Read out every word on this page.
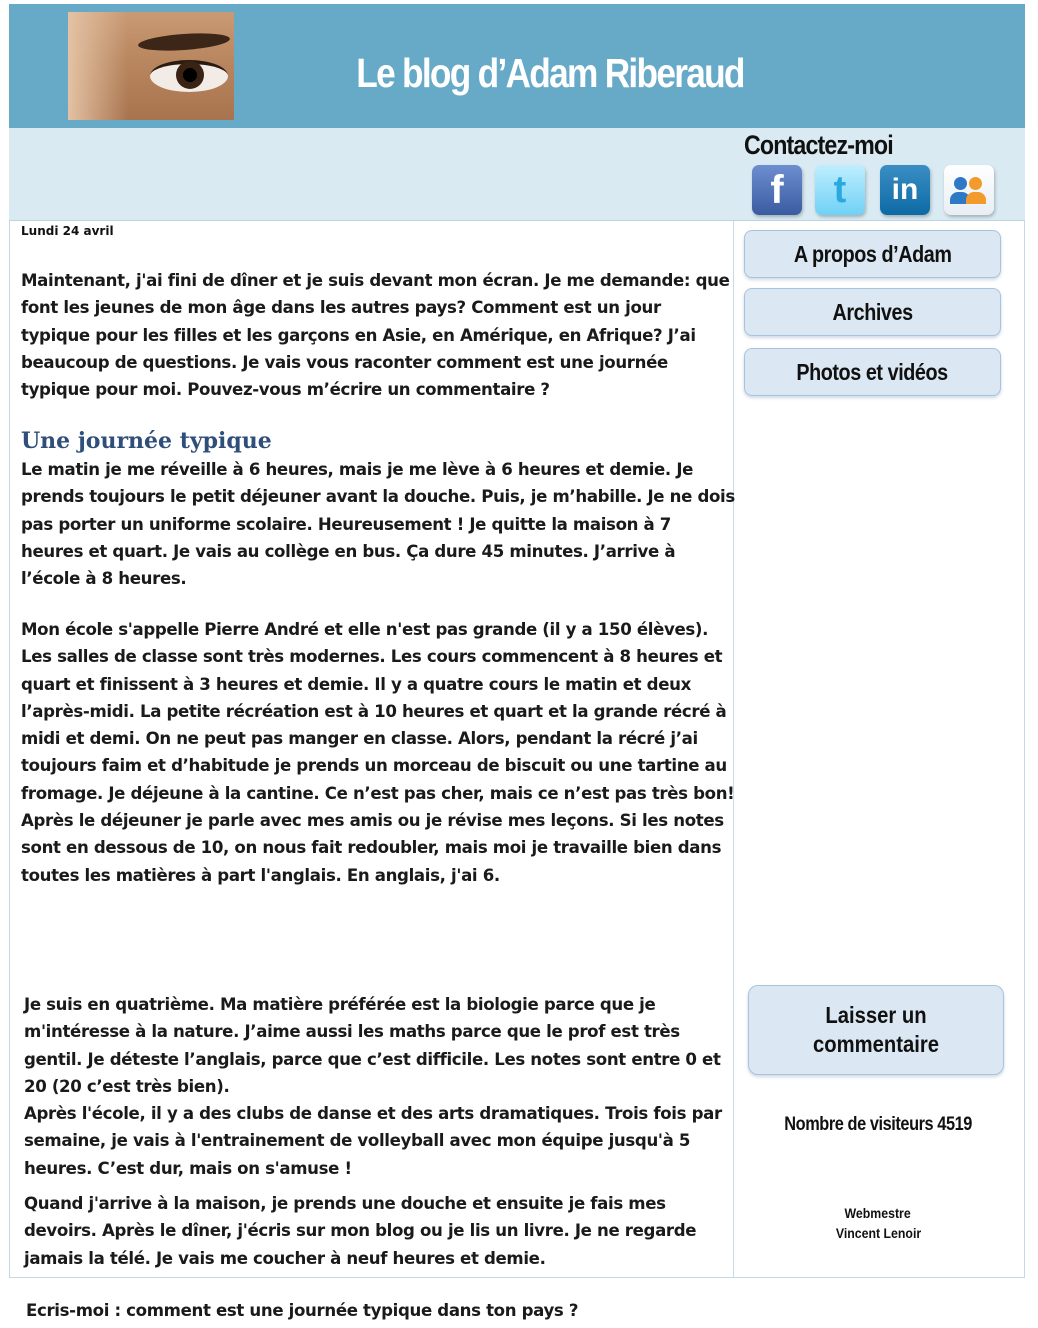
Le blog d’Adam Riberaud
Contactez-moi
f t in
Lundi 24 avril

Maintenant, j'ai fini de dîner et je suis devant mon écran. Je me demande: que font les jeunes de mon âge dans les autres pays? Comment est un jour typique pour les filles et les garçons en Asie, en Amérique, en Afrique? J’ai beaucoup de questions. Je vais vous raconter comment est une journée typique pour moi. Pouvez-vous m’écrire un commentaire ?

Une journée typique

Le matin je me réveille à 6 heures, mais je me lève à 6 heures et demie. Je prends toujours le petit déjeuner avant la douche. Puis, je m’habille. Je ne dois pas porter un uniforme scolaire. Heureusement ! Je quitte la maison à 7 heures et quart. Je vais au collège en bus. Ça dure 45 minutes. J’arrive à l’école à 8 heures.

Mon école s'appelle Pierre André et elle n'est pas grande (il y a 150 élèves). Les salles de classe sont très modernes. Les cours commencent à 8 heures et quart et finissent à 3 heures et demie. Il y a quatre cours le matin et deux l’après-midi. La petite récréation est à 10 heures et quart et la grande récré à midi et demi. On ne peut pas manger en classe. Alors, pendant la récré j’ai toujours faim et d’habitude je prends un morceau de biscuit ou une tartine au fromage. Je déjeune à la cantine. Ce n’est pas cher, mais ce n’est pas très bon! Après le déjeuner je parle avec mes amis ou je révise mes leçons. Si les notes sont en dessous de 10, on nous fait redoubler, mais moi je travaille bien dans toutes les matières à part l'anglais. En anglais, j'ai 6.

Je suis en quatrième. Ma matière préférée est la biologie parce que je m'intéresse à la nature. J’aime aussi les maths parce que le prof est très gentil. Je déteste l’anglais, parce que c’est difficile. Les notes sont entre 0 et 20 (20 c’est très bien).

Après l'école, il y a des clubs de danse et des arts dramatiques. Trois fois par semaine, je vais à l'entrainement de volleyball avec mon équipe jusqu'à 5 heures. C’est dur, mais on s'amuse !

Quand j'arrive à la maison, je prends une douche et ensuite je fais mes devoirs. Après le dîner, j'écris sur mon blog ou je lis un livre. Je ne regarde jamais la télé. Je vais me coucher à neuf heures et demie.

A propos d’Adam
Archives
Photos et vidéos
Laisser un commentaire
Nombre de visiteurs 4519
Webmestre
Vincent Lenoir
Ecris-moi : comment est une journée typique dans ton pays ?
